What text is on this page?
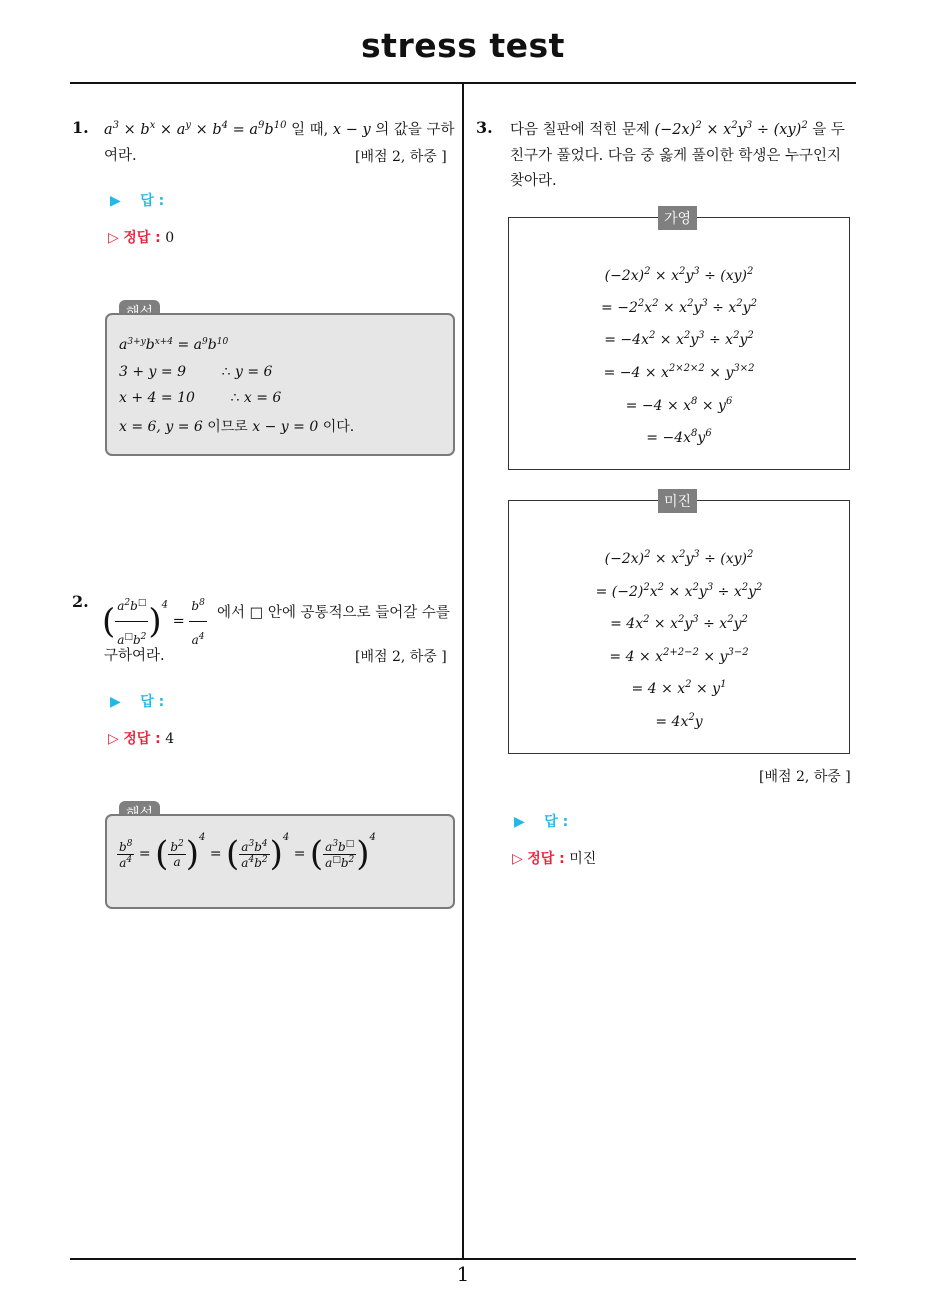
stress test
1
1. $a^3 \times b^x \times a^y \times b^4 = a^9b^{10}$ 일 때, x − y 의 값을 구하
여라.	[배점 2, 하중 ]
▶ 답 :
▷ 정답 : 0
$a^{3+y}b^{x+4} = a^9b^{10}$
3 + y = 9	∴ y = 6
x + 4 = 10	∴ x = 6
x = 6, y = 6 이므로 x − y = 0 이다.
2. ( $\frac{a^2b^□}{a^□b^2} )^4 = \frac{b^8}{a^4}$ 에서 □ 안에 공통적으로 들어갈 수를
구하여라.	[배점 2, 하중 ]
▶ 답 :
▷ 정답 : 4
$\frac{b^8}{a^4}$ = ( $\frac{b^2}{a} )^4$ = ( $\frac{a^3b^4}{a^4b^2} )^4$ = ( $\frac{a^3b^□}{a^□b^2} )^4$
3. 다음 칠판에 적힌 문제 $(-2x)^2 \times x^2y^3 \div (xy)^2$ 을 두
친구가 풀었다. 다음 중 옳게 풀이한 학생은 누구인지
찾아라.
$(-2x)^2 \times x^2y^3 \div (xy)^2$
= $-2^2x^2 \times x^2y^3 \div x^2y^2$
= $-4x^2 \times x^2y^3 \div x^2y^2$
= $-4 \times x^{2\times 2\times 2} \times y^{3\times 2}$
= $-4 \times x^8 \times y^6$
= $-4x^8y^6$
가영
$(-2x)^2 \times x^2y^3 \div (xy)^2$
= $(-2)^2x^2 \times x^2y^3 \div x^2y^2$
= $4x^2 \times x^2y^3 \div x^2y^2$
= $4 \times x^{2+2-2} \times y^{3-2}$
= $4 \times x^2 \times y^1$
= $4x^2y$
미진
[배점 2, 하중 ]
▶ 답 :
▷ 정답 : 미진
